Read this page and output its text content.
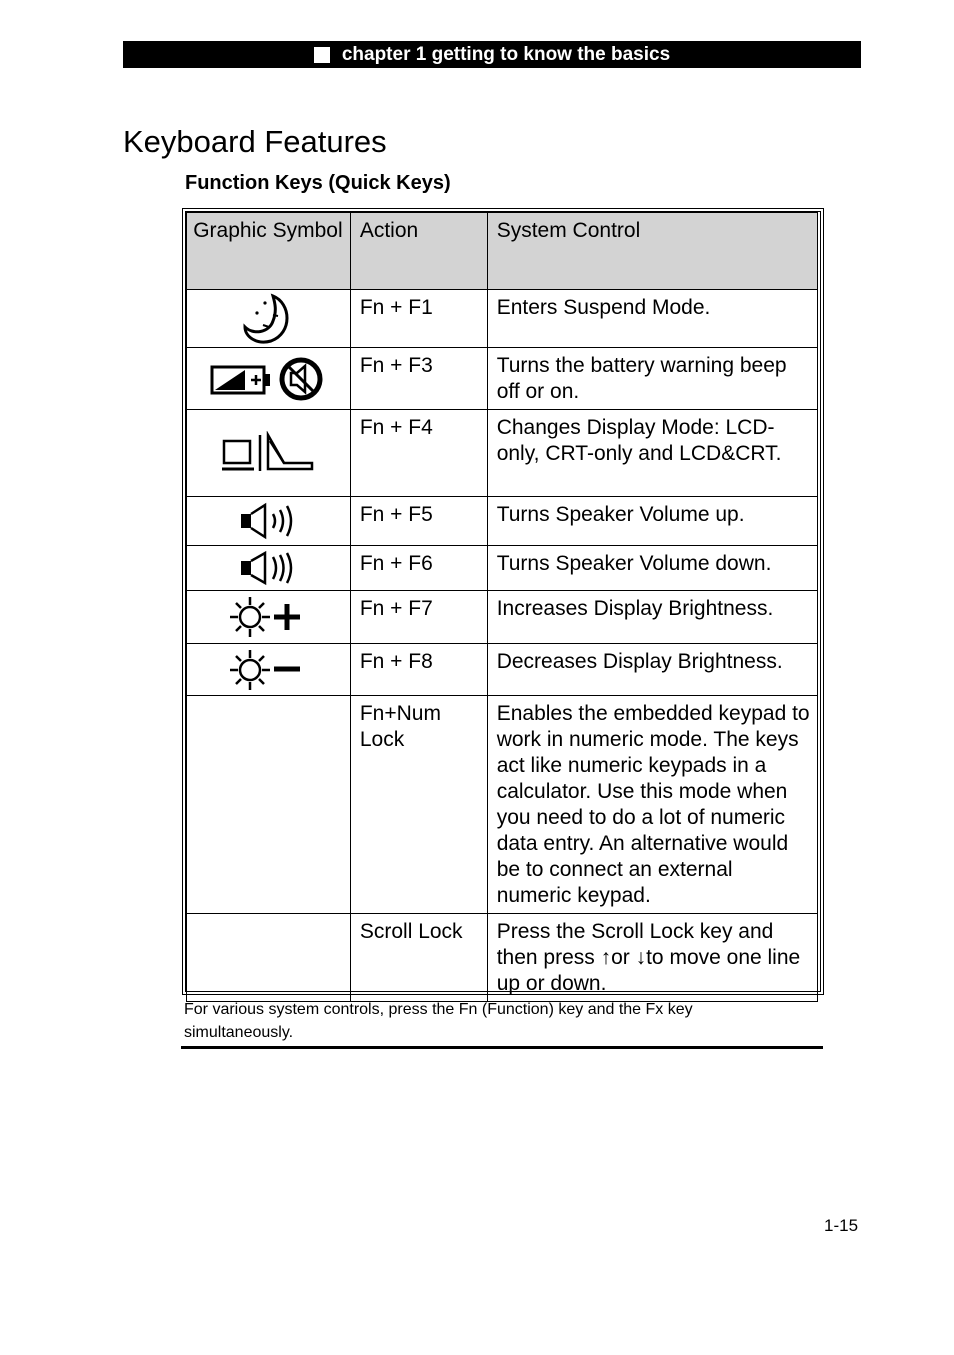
chapter 1 getting to know the basics
Keyboard Features
Function Keys (Quick Keys)
Graphic Symbol	Action	System Control

	Fn + F1	Enters Suspend Mode.

	Fn + F3	Turns the battery warning beep off or on.

	Fn + F4	Changes Display Mode: LCD-only, CRT-only and LCD&CRT.

	Fn + F5	Turns Speaker Volume up.

	Fn + F6	Turns Speaker Volume down.

	Fn + F7	Increases Display Brightness.

	Fn + F8	Decreases Display Brightness.
	Fn+Num Lock	Enables the embedded keypad to work in numeric mode. The keys act like numeric keypads in a calculator. Use this mode when you need to do a lot of numeric data entry. An alternative would be to connect an external numeric keypad.
	Scroll Lock	Press the Scroll Lock key and then press ↑or ↓to move one line up or down.

For various system controls, press the Fn (Function) key and the Fx key simultaneously.

1-15
